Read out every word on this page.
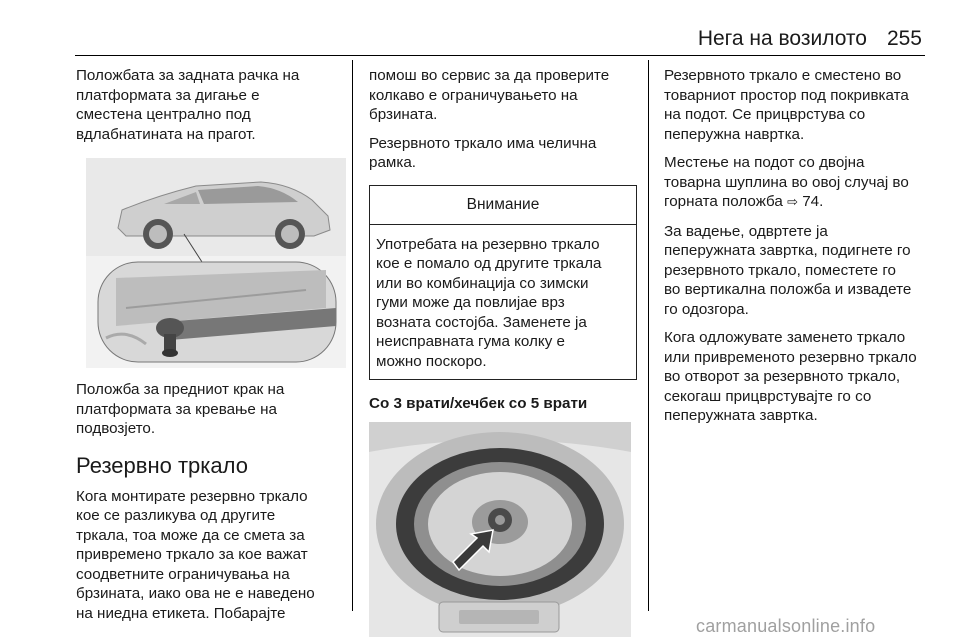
Нега на возилото 255

Положбата за задната рачка на
платформата за дигање е
сместена централно под
вдлабнатината на прагот.

Положба за предниот крак на
платформата за кревање на
подвозјето.

Резервно тркало

Кога монтирате резервно тркало
кое се разликува од другите
тркала, тоа може да се смета за
привремено тркало за кое важат
соодветните ограничувања на
брзината, иако ова не е наведено
на ниедна етикета. Побарајте

помош во сервис за да проверите
колкаво е ограничувањето на
брзината.

Резервното тркало има челична
рамка.

Внимание
Употребата на резервно тркало
кое е помало од другите тркала
или во комбинација со зимски
гуми може да повлијае врз
возната состојба. Заменете ја
неисправната гума колку е
можно поскоро.
Со 3 врати/хечбек со 5 врати

Резервното тркало е сместено во
товарниот простор под покривката
на подот. Се прицврстува со
пеперужна навртка.

Местење на подот со двојна
товарна шуплина во овој случај во
горната положба ⇨ 74.

За вадење, одвртете ја
пеперужната завртка, подигнете го
резервното тркало, поместете го
во вертикална положба и извадете
го одозгора.

Кога одложувате заменето тркало
или привременото резервно тркало
во отворот за резервното тркало,
секогаш прицврстувајте го со
пеперужната завртка.

carmanualsonline.info
